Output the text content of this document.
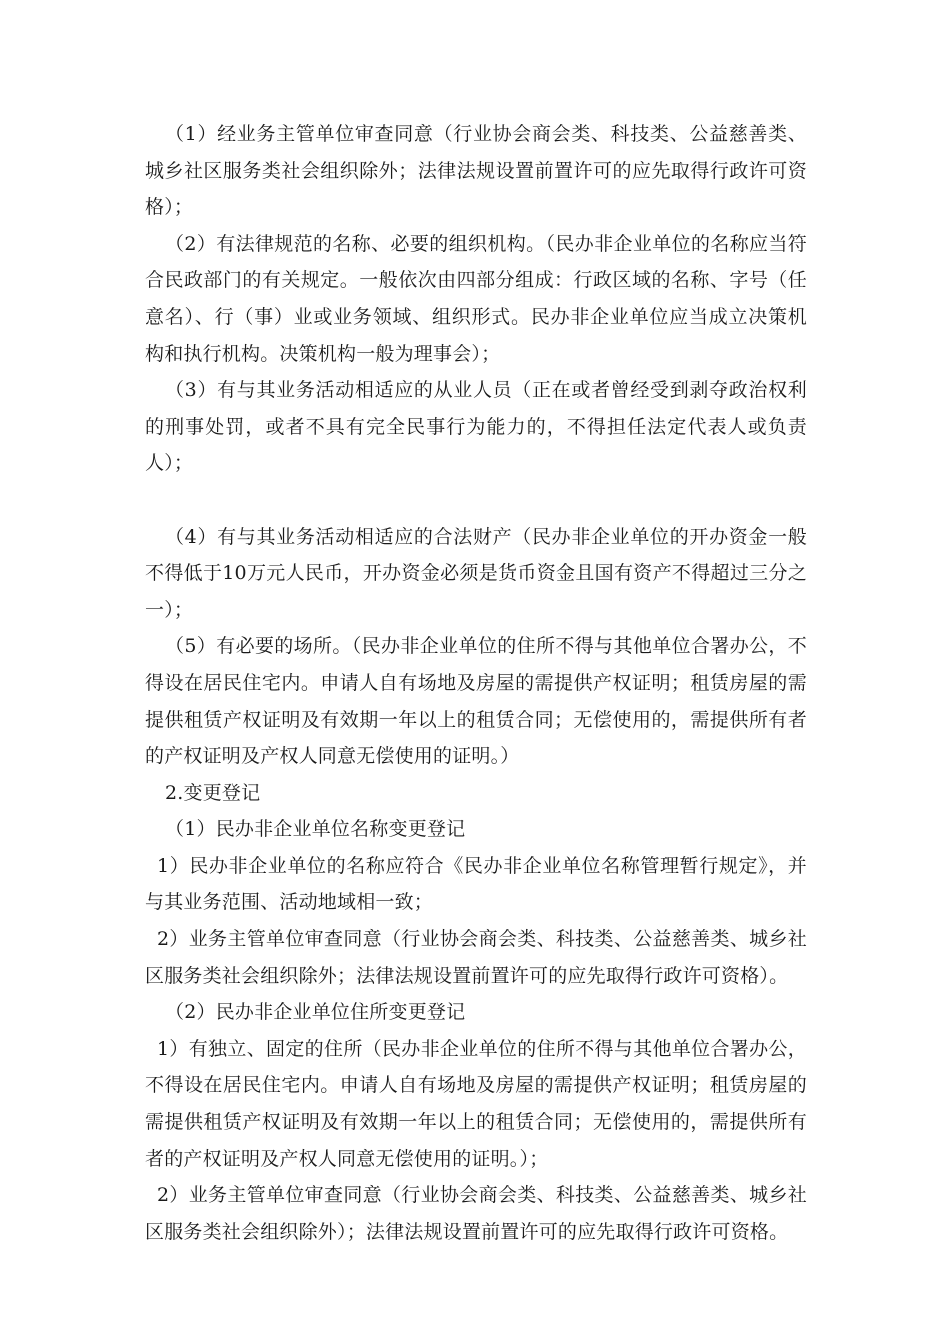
（1）经业务主管单位审查同意（行业协会商会类、科技类、公益慈善类、城乡社区服务类社会组织除外；法律法规设置前置许可的应先取得行政许可资格）；

（2）有法律规范的名称、必要的组织机构。（民办非企业单位的名称应当符合民政部门的有关规定。一般依次由四部分组成：行政区域的名称、字号（任意名）、行（事）业或业务领域、组织形式。民办非企业单位应当成立决策机构和执行机构。决策机构一般为理事会）；

（3）有与其业务活动相适应的从业人员（正在或者曾经受到剥夺政治权利的刑事处罚，或者不具有完全民事行为能力的，不得担任法定代表人或负责人）；

（4）有与其业务活动相适应的合法财产（民办非企业单位的开办资金一般不得低于10万元人民币，开办资金必须是货币资金且国有资产不得超过三分之一）；

（5）有必要的场所。（民办非企业单位的住所不得与其他单位合署办公，不得设在居民住宅内。申请人自有场地及房屋的需提供产权证明；租赁房屋的需提供租赁产权证明及有效期一年以上的租赁合同；无偿使用的，需提供所有者的产权证明及产权人同意无偿使用的证明。）

2.变更登记

（1）民办非企业单位名称变更登记

1）民办非企业单位的名称应符合《民办非企业单位名称管理暂行规定》，并与其业务范围、活动地域相一致；

2）业务主管单位审查同意（行业协会商会类、科技类、公益慈善类、城乡社区服务类社会组织除外；法律法规设置前置许可的应先取得行政许可资格）。

（2）民办非企业单位住所变更登记

1）有独立、固定的住所（民办非企业单位的住所不得与其他单位合署办公，不得设在居民住宅内。申请人自有场地及房屋的需提供产权证明；租赁房屋的需提供租赁产权证明及有效期一年以上的租赁合同；无偿使用的，需提供所有者的产权证明及产权人同意无偿使用的证明。）；

2）业务主管单位审查同意（行业协会商会类、科技类、公益慈善类、城乡社区服务类社会组织除外）；法律法规设置前置许可的应先取得行政许可资格。
